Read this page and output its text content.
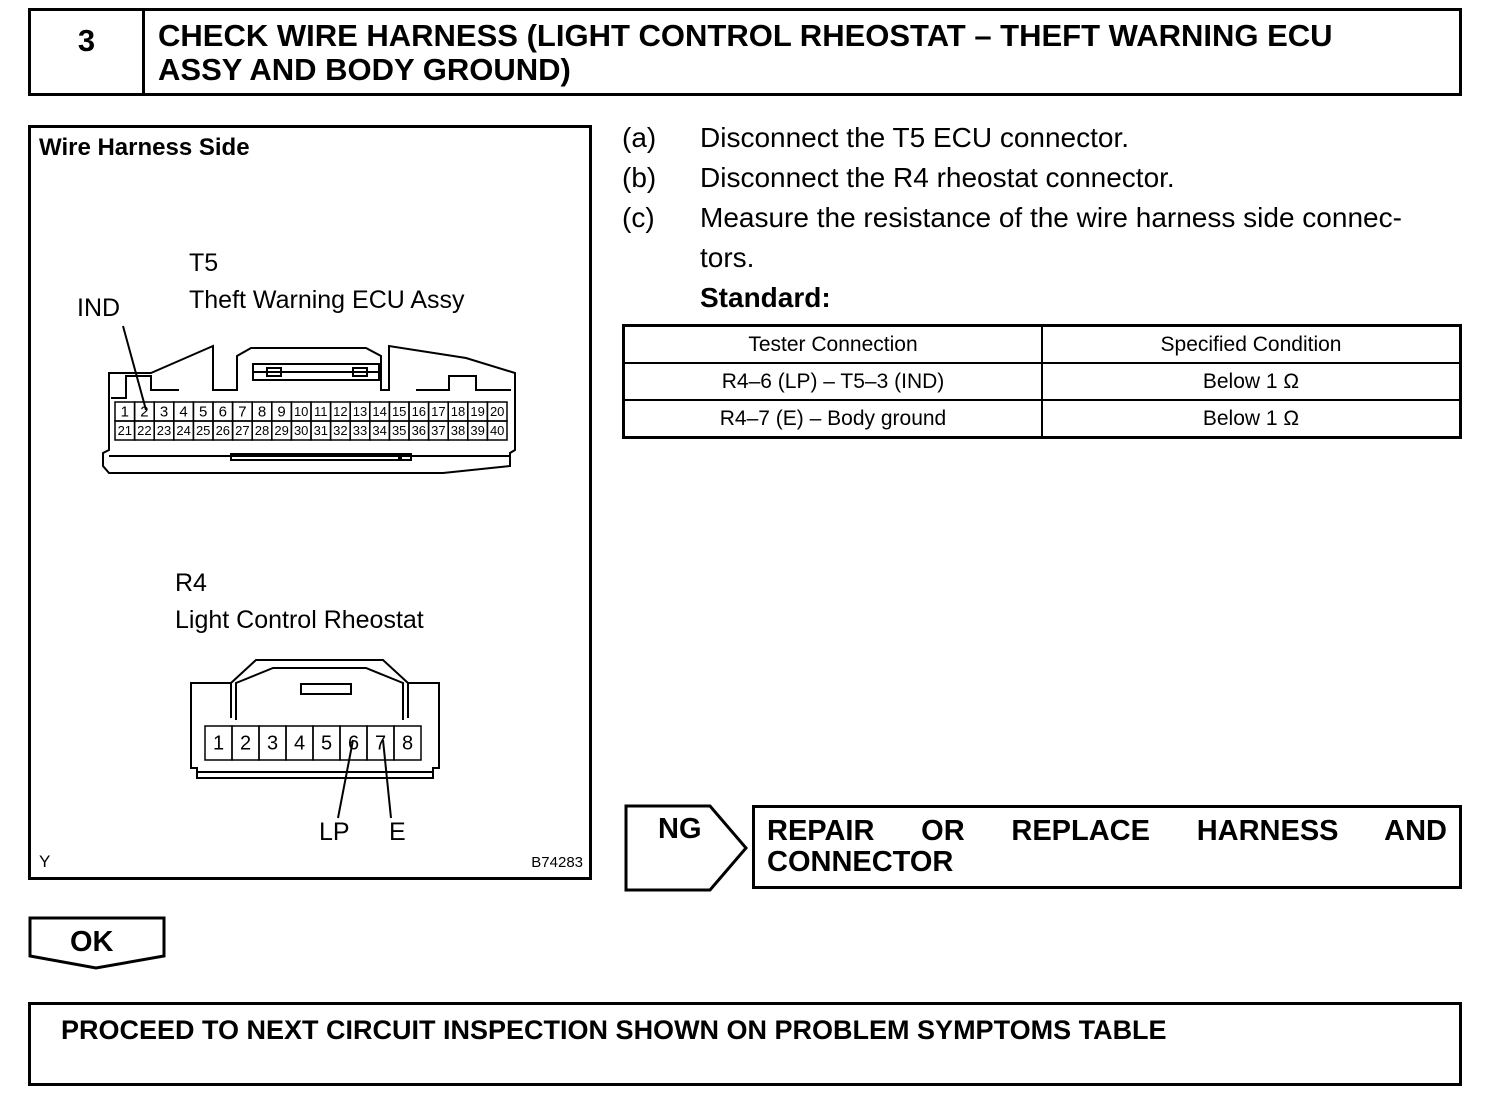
3	CHECK WIRE HARNESS (LIGHT CONTROL RHEOSTAT – THEFT WARNING ECU
ASSY AND BODY GROUND)
1 2 3 4 5 6 7 8 9 10 11 12 13 14 15 16 17 18 19 20
21 22 23 24 25 26 27 28 29 30 31 32 33 34 35 36 37 38 39 40
1 2 3 4 5 6 7 8
Wire Harness Side
T5
Theft Warning ECU Assy
IND
R4
Light Control Rheostat
LP E
Y	B74283
(a) Disconnect the T5 ECU connector.
(b) Disconnect the R4 rheostat connector.
(c) Measure the resistance of the wire harness side connec-
tors.
Standard:
Tester Connection	Specified Condition
R4–6 (LP) – T5–3 (IND)	Below 1 Ω
R4–7 (E) – Body ground	Below 1 Ω
NG REPAIR OR REPLACE HARNESS AND
CONNECTOR
OK
PROCEED TO NEXT CIRCUIT INSPECTION SHOWN ON PROBLEM SYMPTOMS TABLE
